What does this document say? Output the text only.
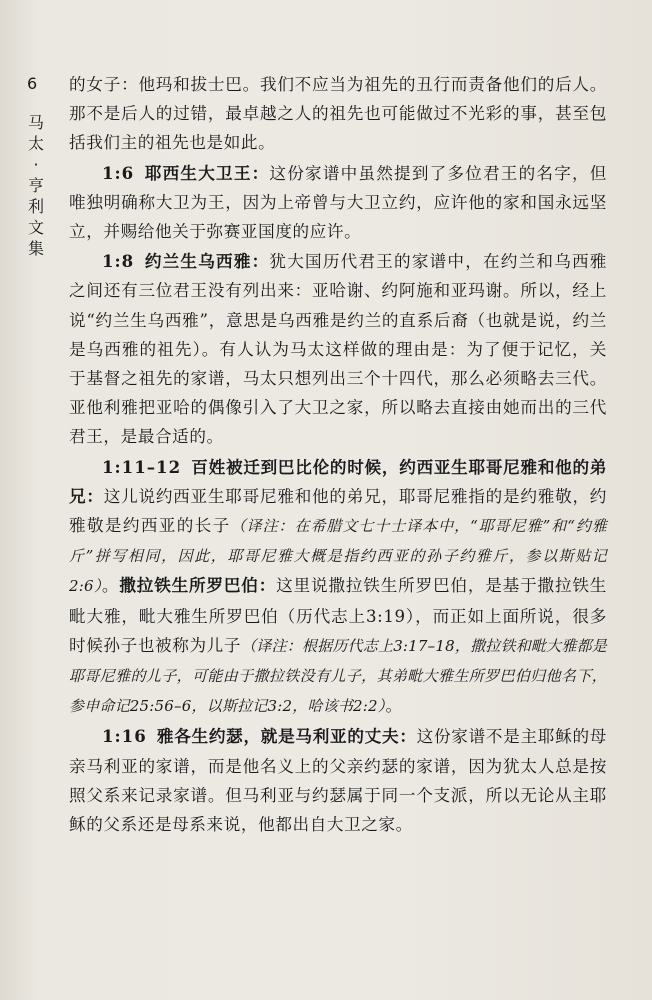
6
马太·亨利文集

的女子：他玛和拔士巴。我们不应当为祖先的丑行而责备他们的后人。那不是后人的过错，最卓越之人的祖先也可能做过不光彩的事，甚至包括我们主的祖先也是如此。

1:6 耶西生大卫王：这份家谱中虽然提到了多位君王的名字，但唯独明确称大卫为王，因为上帝曾与大卫立约，应许他的家和国永远坚立，并赐给他关于弥赛亚国度的应许。

1:8 约兰生乌西雅：犹大国历代君王的家谱中，在约兰和乌西雅之间还有三位君王没有列出来：亚哈谢、约阿施和亚玛谢。所以，经上说“约兰生乌西雅”，意思是乌西雅是约兰的直系后裔（也就是说，约兰是乌西雅的祖先）。有人认为马太这样做的理由是：为了便于记忆，关于基督之祖先的家谱，马太只想列出三个十四代，那么必须略去三代。亚他利雅把亚哈的偶像引入了大卫之家，所以略去直接由她而出的三代君王，是最合适的。

1:11–12 百姓被迁到巴比伦的时候，约西亚生耶哥尼雅和他的弟兄：这儿说约西亚生耶哥尼雅和他的弟兄，耶哥尼雅指的是约雅敬，约雅敬是约西亚的长子（译注：在希腊文七十士译本中，“耶哥尼雅”和“约雅斤”拼写相同，因此，耶哥尼雅大概是指约西亚的孙子约雅斤，参以斯贴记2:6）。撒拉铁生所罗巴伯：这里说撒拉铁生所罗巴伯，是基于撒拉铁生毗大雅，毗大雅生所罗巴伯（历代志上3:19），而正如上面所说，很多时候孙子也被称为儿子（译注：根据历代志上3:17–18，撒拉铁和毗大雅都是耶哥尼雅的儿子，可能由于撒拉铁没有儿子，其弟毗大雅生所罗巴伯归他名下，参申命记25:56–6，以斯拉记3:2，哈该书2:2）。

1:16 雅各生约瑟，就是马利亚的丈夫：这份家谱不是主耶稣的母亲马利亚的家谱，而是他名义上的父亲约瑟的家谱，因为犹太人总是按照父系来记录家谱。但马利亚与约瑟属于同一个支派，所以无论从主耶稣的父系还是母系来说，他都出自大卫之家。
